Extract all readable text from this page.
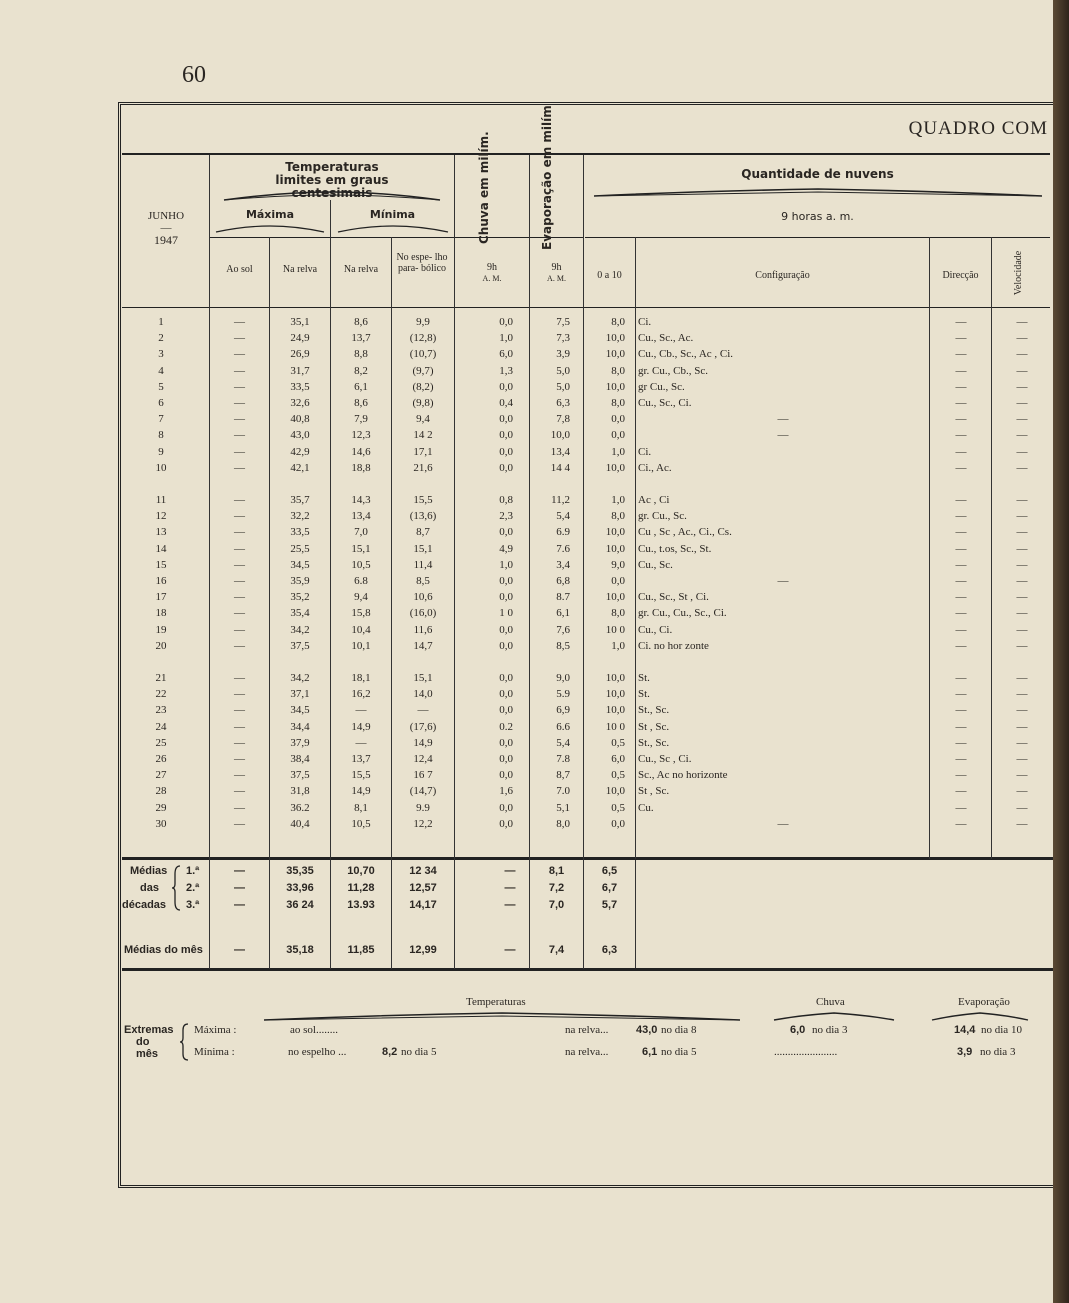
60
QUADRO COM
JUNHO
—
1947
Temperaturas limites em graus centesimais
Máxima	Mínima
Ao sol	Na relva	Na relva
No espe- lho para- bólico
Chuva em milím.	Evaporação em milím
9h
A. M.
9h
A. M.
Quantidade de nuvens
9 horas a. m.
0 a 10	Configuração	Direcção	Velocidade
1	—	35,1	8,6	9,9	0,0	7,5	8,0 Ci.	—	—
2	—	24,9	13,7	(12,8)	1,0	7,3	10,0 Cu., Sc., Ac.	—	—
3	—	26,9	8,8	(10,7)	6,0	3,9	10,0 Cu., Cb., Sc., Ac , Ci.	—	—
4	—	31,7	8,2	(9,7)	1,3	5,0	8,0 gr. Cu., Cb., Sc.	—	—
5	—	33,5	6,1	(8,2)	0,0	5,0	10,0 gr Cu., Sc.	—	—
6	—	32,6	8,6	(9,8)	0,4	6,3	8,0 Cu., Sc., Ci.	—	—
7	—	40,8	7,9	9,4	0,0	7,8	0,0	—	—	—
8	—	43,0	12,3	14 2	0,0	10,0	0,0	—	—	—
9	—	42,9	14,6	17,1	0,0	13,4	1,0 Ci.	—	—
10	—	42,1	18,8	21,6	0,0	14 4	10,0 Ci., Ac.	—	—
11	—	35,7	14,3	15,5	0,8	11,2	1,0 Ac , Ci	—	—
12	—	32,2	13,4	(13,6)	2,3	5,4	8,0 gr. Cu., Sc.	—	—
13	—	33,5	7,0	8,7	0,0	6.9	10,0 Cu , Sc , Ac., Ci., Cs.	—	—
14	—	25,5	15,1	15,1	4,9	7.6	10,0 Cu., t.os, Sc., St.	—	—
15	—	34,5	10,5	11,4	1,0	3,4	9,0 Cu., Sc.	—	—
16	—	35,9	6.8	8,5	0,0	6,8	0,0	—	—	—
17	—	35,2	9,4	10,6	0,0	8.7	10,0 Cu., Sc., St , Ci.	—	—
18	—	35,4	15,8	(16,0)	1 0	6,1	8,0 gr. Cu., Cu., Sc., Ci.	—	—
19	—	34,2	10,4	11,6	0,0	7,6	10 0 Cu., Ci.	—	—
20	—	37,5	10,1	14,7	0,0	8,5	1,0 Ci. no hor zonte	—	—
21	—	34,2	18,1	15,1	0,0	9,0	10,0 St.	—	—
22	—	37,1	16,2	14,0	0,0	5.9	10,0 St.	—	—
23	—	34,5	—	—	0,0	6,9	10,0 St., Sc.	—	—
24	—	34,4	14,9	(17,6)	0.2	6.6	10 0 St , Sc.	—	—
25	—	37,9	—	14,9	0,0	5,4	0,5 St., Sc.	—	—
26	—	38,4	13,7	12,4	0,0	7.8	6,0 Cu., Sc , Ci.	—	—
27	—	37,5	15,5	16 7	0,0	8,7	0,5 Sc., Ac no horizonte	—	—
28	—	31,8	14,9	(14,7)	1,6	7.0	10,0 St , Sc.	—	—
29	—	36.2	8,1	9.9	0,0	5,1	0,5 Cu.	—	—
30	—	40,4	10,5	12,2	0,0	8,0	0,0	—	—	—
Médias
das
décadas
1.ª	—	35,35	10,70	12 34	—	8,1	6,5
2.ª	—	33,96	11,28	12,57	—	7,2	6,7
3.ª	—	36 24	13.93	14,17	—	7,0	5,7
Médias do mês	—	35,18	11,85	12,99	—	7,4	6,3
Temperaturas	Chuva	Evaporação
Extremas
do
mês
Máxima :
Mínima :
ao sol........	na relva...	43,0 no dia 8	6,0 no dia 3	14,4 no dia 10
no espelho ...	8,2 no dia 5	na relva...	6,1 no dia 5	.......................	3,9 no dia 3
